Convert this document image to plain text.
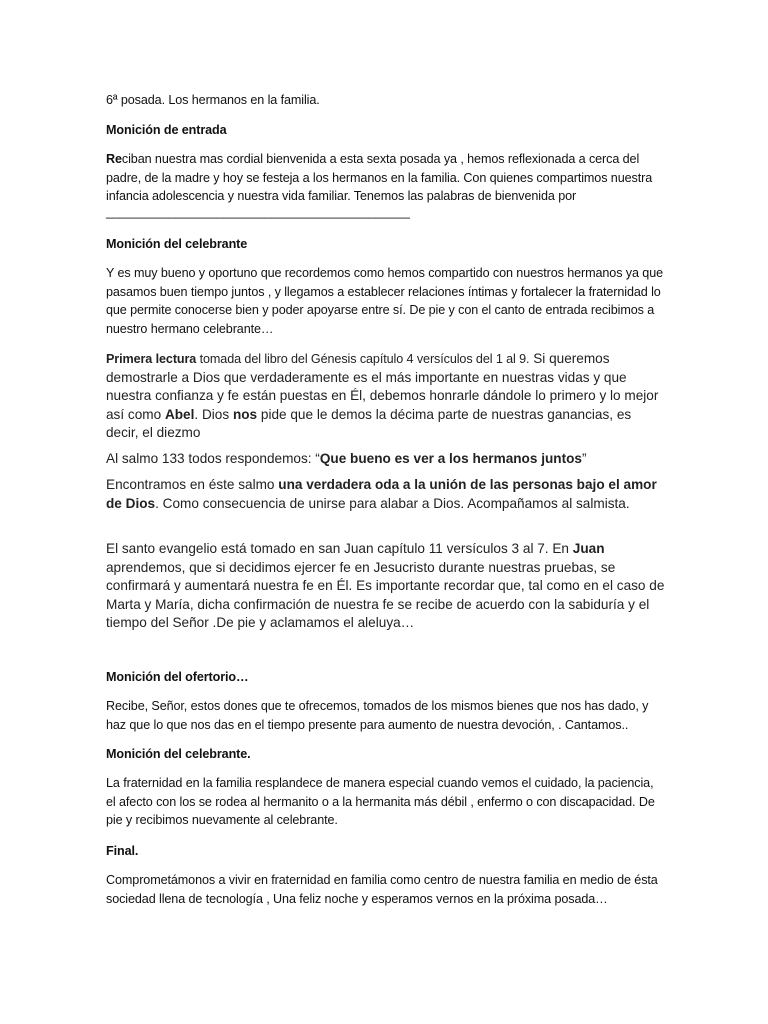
6ª posada. Los hermanos en la familia.

Monición de entrada

Reciban nuestra mas cordial bienvenida a esta sexta posada ya , hemos reflexionada a cerca del padre, de la madre y hoy se festeja a los hermanos en la familia. Con quienes compartimos nuestra infancia adolescencia y nuestra vida familiar. Tenemos las palabras de bienvenida por

____________________________________________

Monición del celebrante

Y es muy bueno y oportuno que recordemos como hemos compartido con nuestros hermanos ya que pasamos buen tiempo juntos , y llegamos a establecer relaciones íntimas y fortalecer la fraternidad lo que permite conocerse bien y poder apoyarse entre sí. De pie y con el canto de entrada recibimos a nuestro hermano celebrante…

Primera lectura tomada del libro del Génesis capítulo 4 versículos del 1 al 9. Si queremos demostrarle a Dios que verdaderamente es el más importante en nuestras vidas y que nuestra confianza y fe están puestas en Él, debemos honrarle dándole lo primero y lo mejor así como Abel. Dios nos pide que le demos la décima parte de nuestras ganancias, es decir, el diezmo

Al salmo 133 todos respondemos: “Que bueno es ver a los hermanos juntos”

Encontramos en éste salmo una verdadera oda a la unión de las personas bajo el amor de Dios. Como consecuencia de unirse para alabar a Dios. Acompañamos al salmista.

El santo evangelio está tomado en san Juan capítulo 11 versículos 3 al 7. En Juan aprendemos, que si decidimos ejercer fe en Jesucristo durante nuestras pruebas, se confirmará y aumentará nuestra fe en Él. Es importante recordar que, tal como en el caso de Marta y María, dicha confirmación de nuestra fe se recibe de acuerdo con la sabiduría y el tiempo del Señor .De pie y aclamamos el aleluya…

Monición del ofertorio…

Recibe, Señor, estos dones que te ofrecemos, tomados de los mismos bienes que nos has dado, y haz que lo que nos das en el tiempo presente para aumento de nuestra devoción, . Cantamos..

Monición del celebrante.

La fraternidad en la familia resplandece de manera especial cuando vemos el cuidado, la paciencia, el afecto con los se rodea al hermanito o a la hermanita más débil , enfermo o con discapacidad. De pie y recibimos nuevamente al celebrante.

Final.

Comprometámonos a vivir en fraternidad en familia como centro de nuestra familia en medio de ésta sociedad llena de tecnología , Una feliz noche y esperamos vernos en la próxima posada…
